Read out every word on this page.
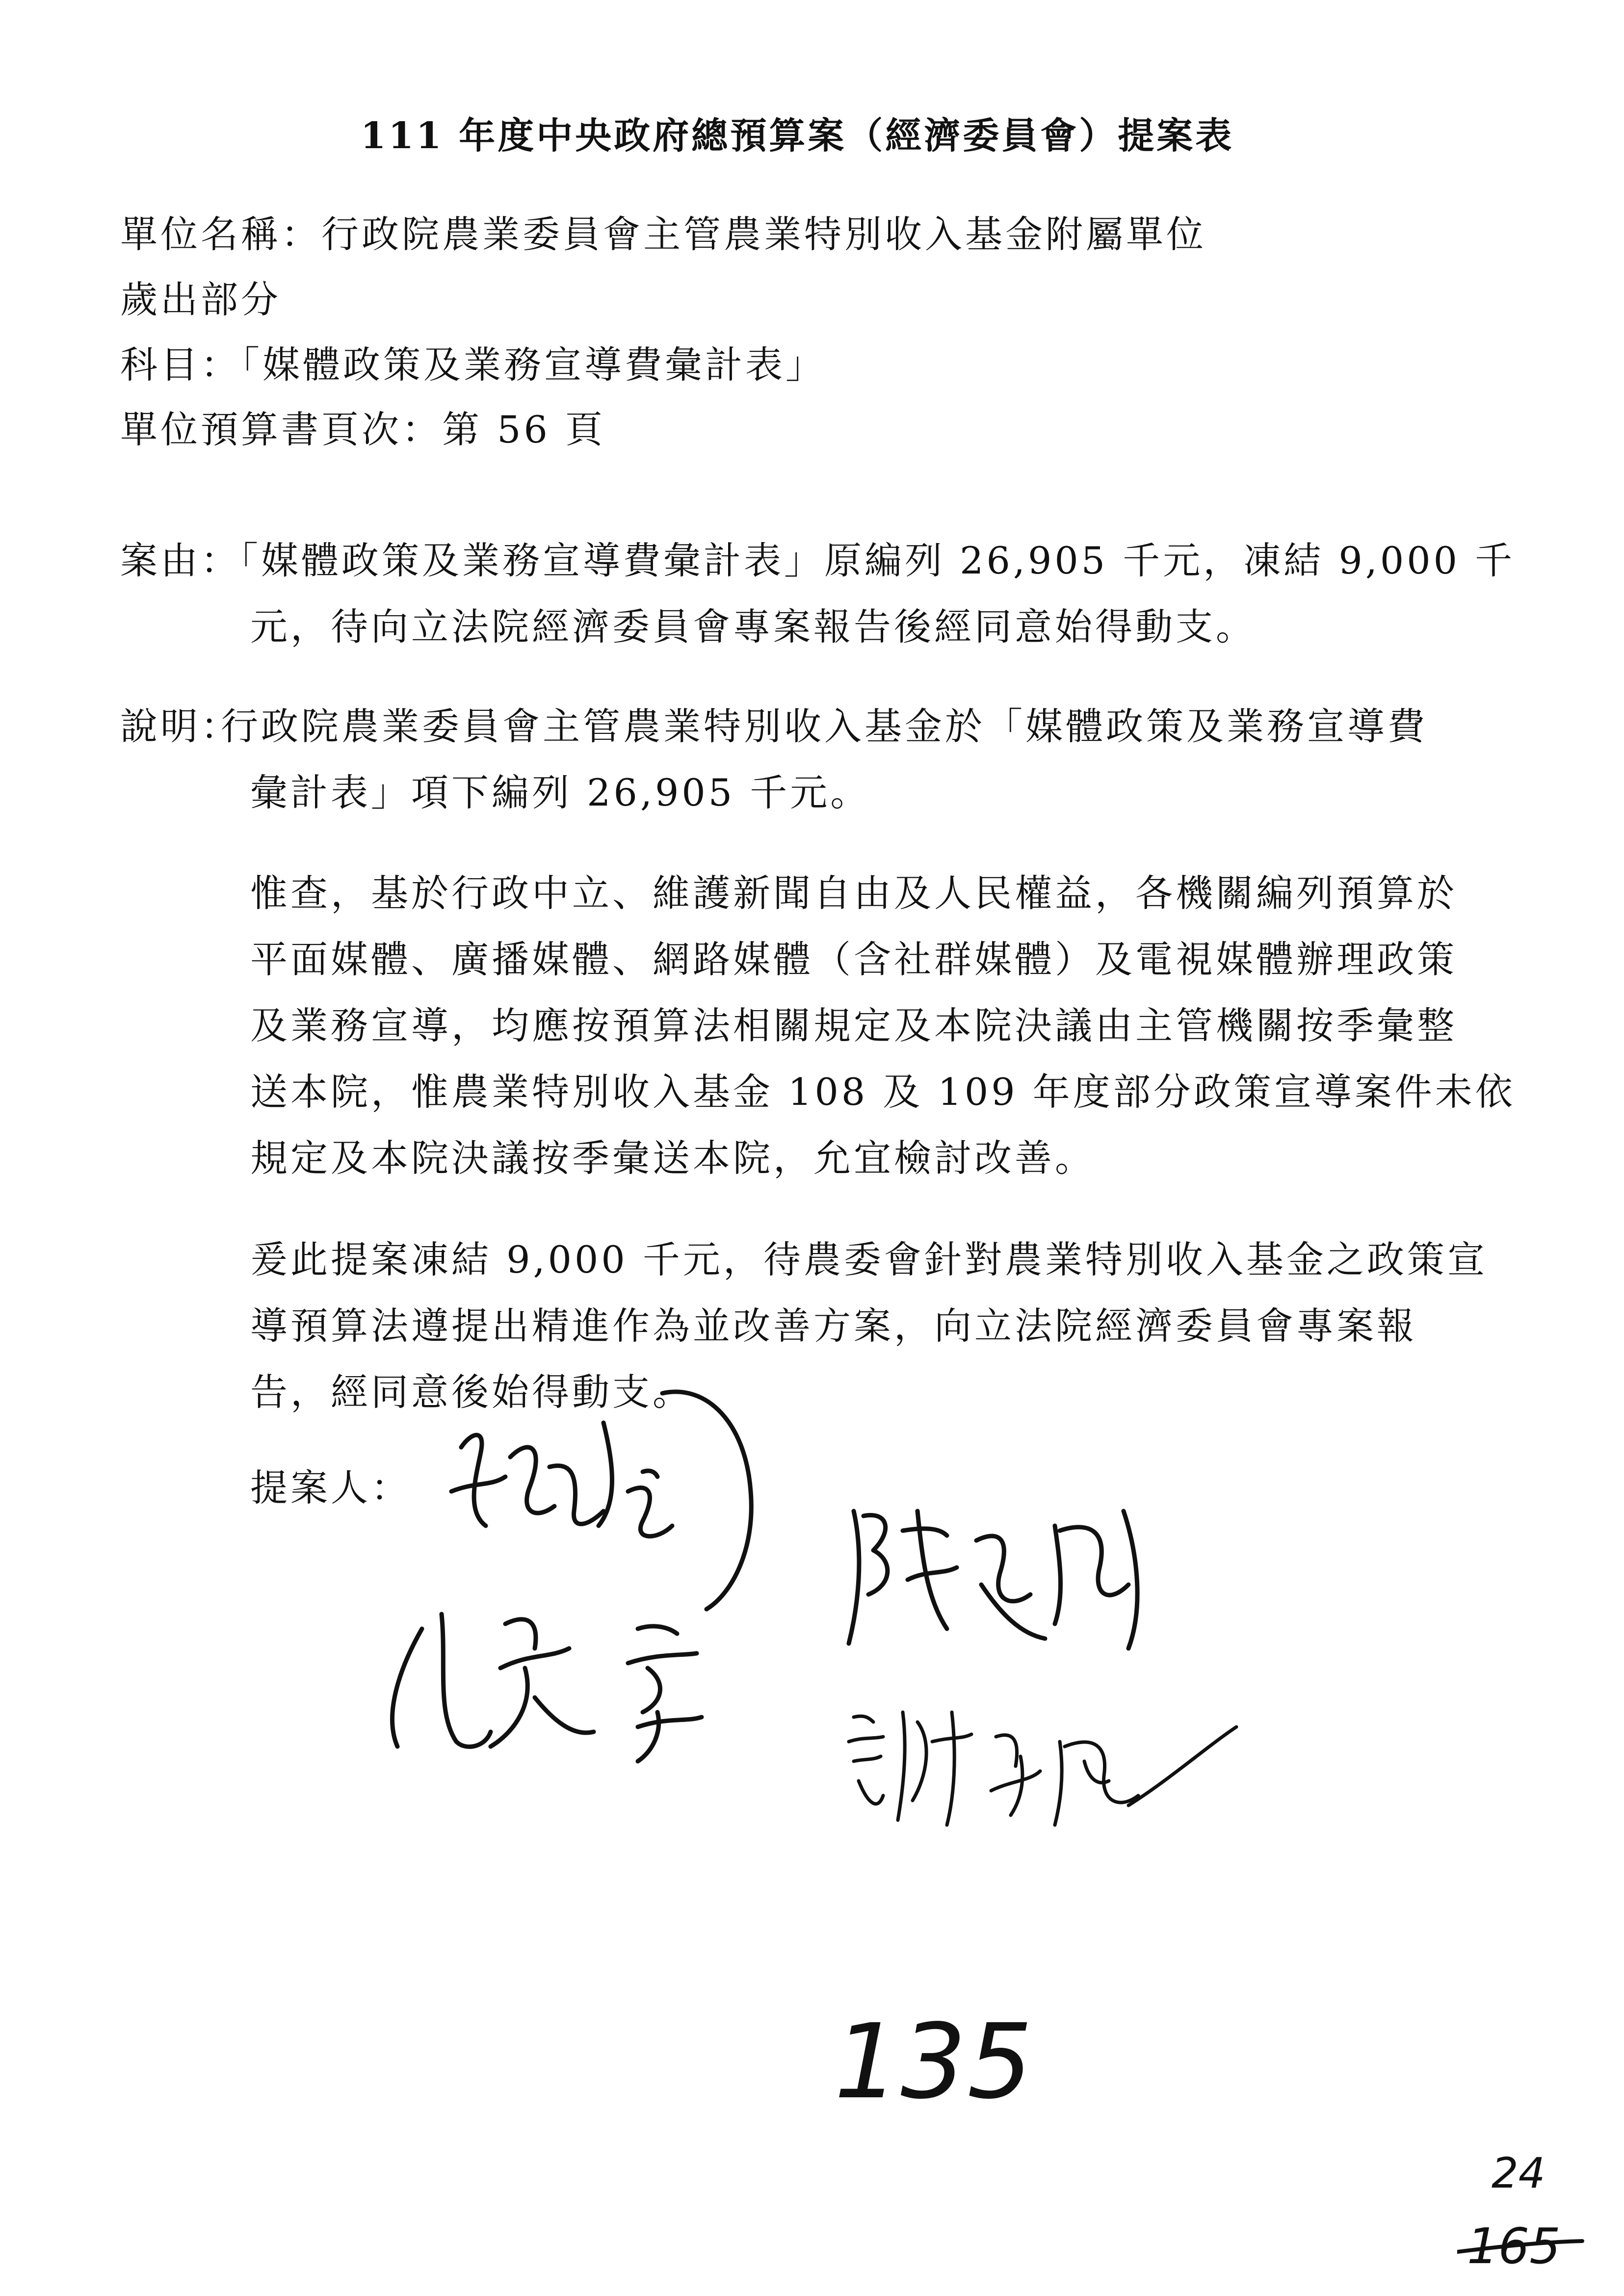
111 年度中央政府總預算案（經濟委員會）提案表
單位名稱：行政院農業委員會主管農業特別收入基金附屬單位
歲出部分
科目：「媒體政策及業務宣導費彙計表」
單位預算書頁次：第 56 頁
案由：
「媒體政策及業務宣導費彙計表」原編列 26,905 千元，凍結 9,000 千
元，待向立法院經濟委員會專案報告後經同意始得動支。
說明：
行政院農業委員會主管農業特別收入基金於「媒體政策及業務宣導費
彙計表」項下編列 26,905 千元。
惟查，基於行政中立、維護新聞自由及人民權益，各機關編列預算於
平面媒體、廣播媒體、網路媒體（含社群媒體）及電視媒體辦理政策
及業務宣導，均應按預算法相關規定及本院決議由主管機關按季彙整
送本院，惟農業特別收入基金 108 及 109 年度部分政策宣導案件未依
規定及本院決議按季彙送本院，允宜檢討改善。
爰此提案凍結 9,000 千元，待農委會針對農業特別收入基金之政策宣
導預算法遵提出精進作為並改善方案，向立法院經濟委員會專案報
告，經同意後始得動支。
提案人：
135
24
165
